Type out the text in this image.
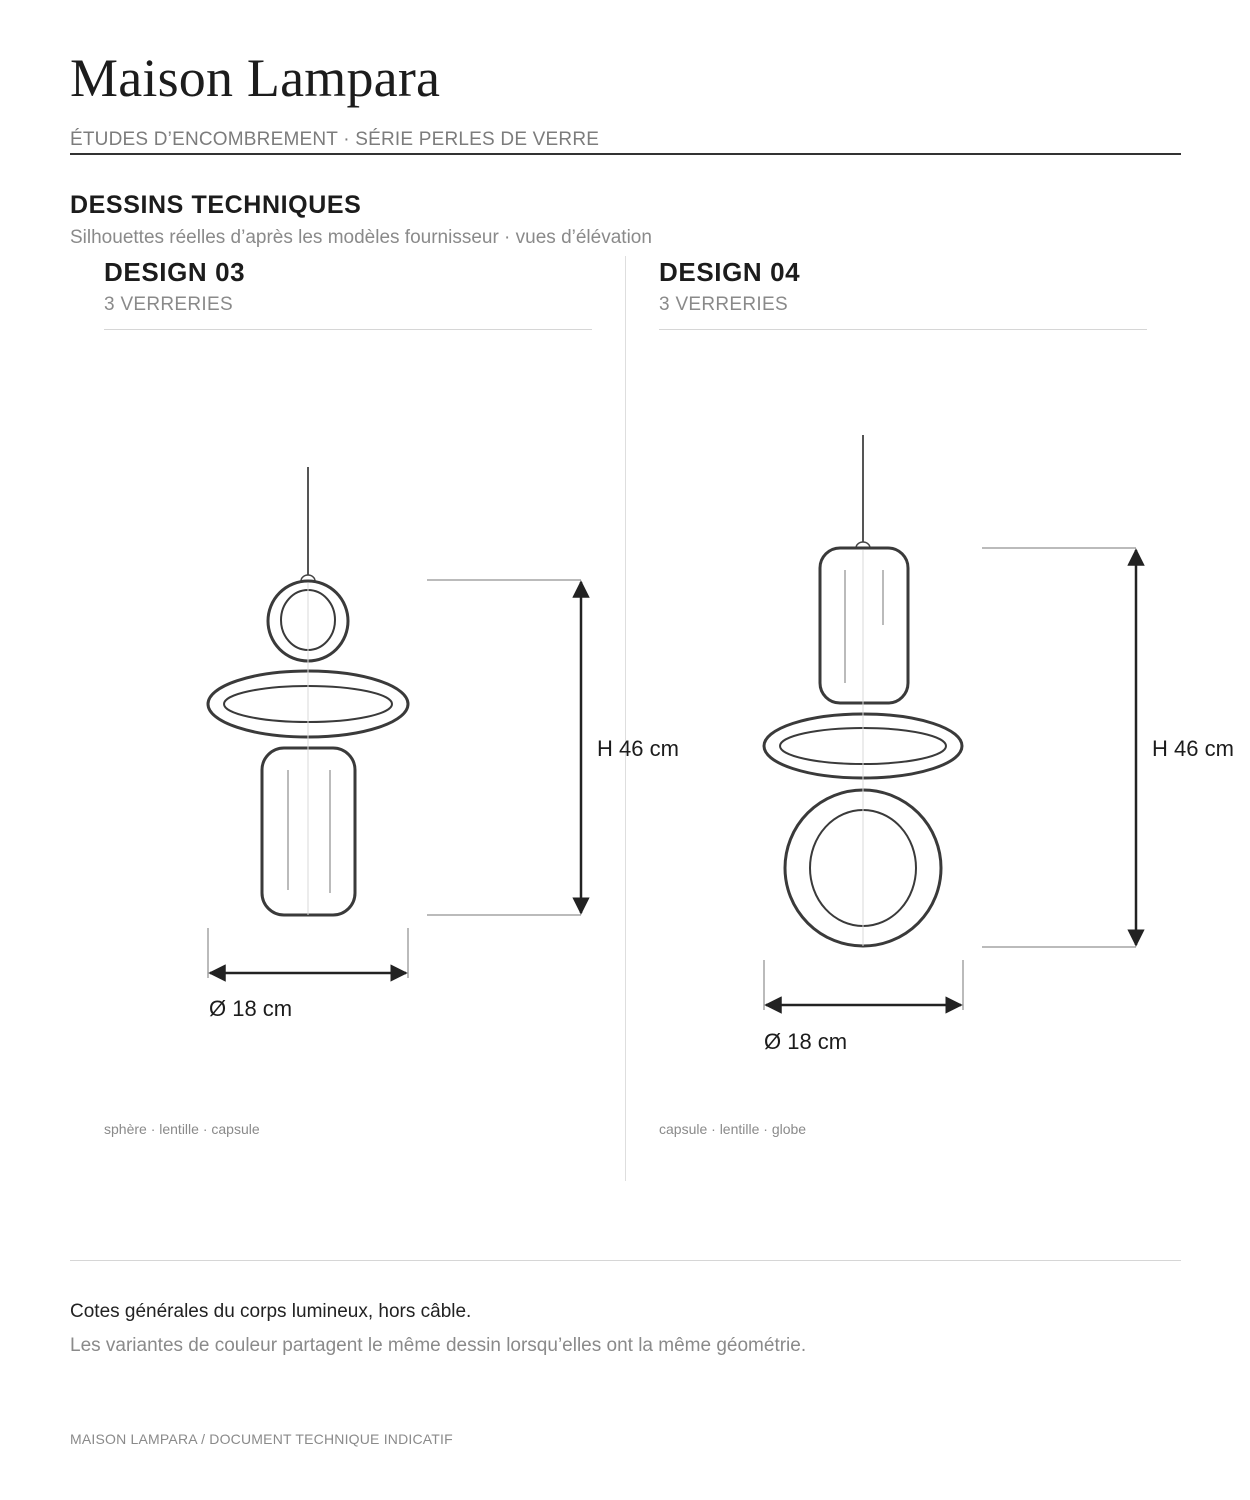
Maison Lampara
ÉTUDES D’ENCOMBREMENT · SÉRIE PERLES DE VERRE
DESSINS TECHNIQUES
Silhouettes réelles d’après les modèles fournisseur · vues d’élévation
DESIGN 03
3 VERRERIES
DESIGN 04
3 VERRERIES
H 46 cm
Ø 18 cm
H 46 cm
Ø 18 cm
sphère · lentille · capsule	capsule · lentille · globe
Cotes générales du corps lumineux, hors câble.
Les variantes de couleur partagent le même dessin lorsqu’elles ont la même géométrie.
MAISON LAMPARA / DOCUMENT TECHNIQUE INDICATIF
